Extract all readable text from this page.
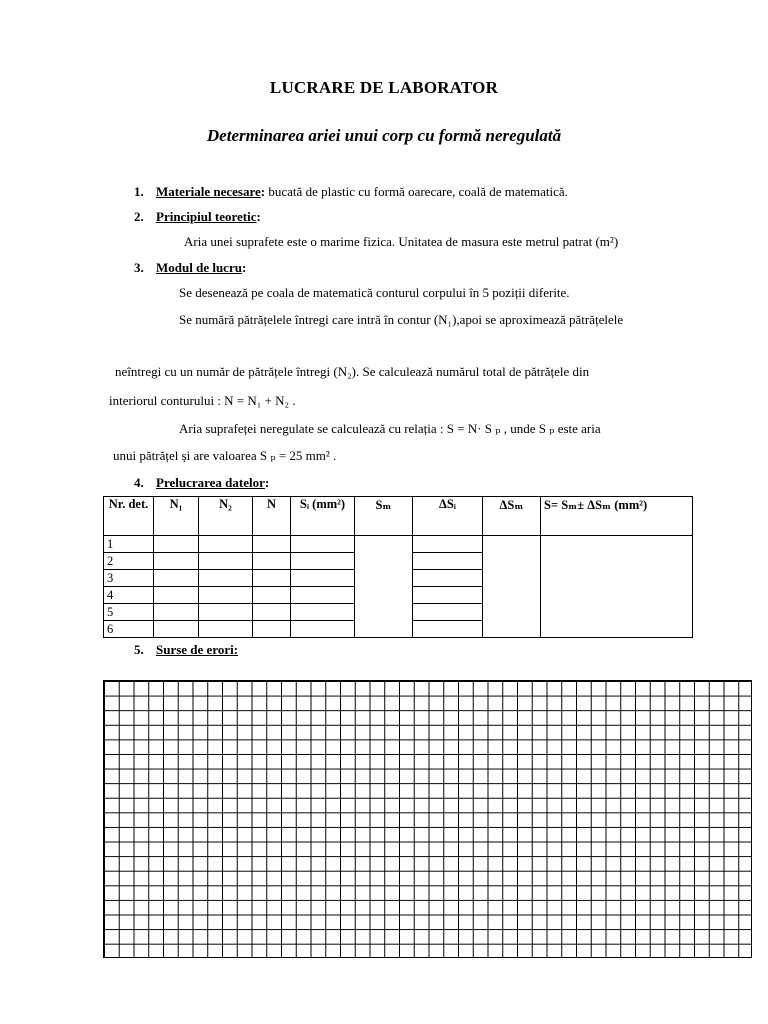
LUCRARE DE LABORATOR
Determinarea ariei unui corp cu formă neregulată
1. Materiale necesare: bucată de plastic cu formă oarecare, coală de matematică.
2. Principiul teoretic:
Aria unei suprafete este o marime fizica. Unitatea de masura este metrul patrat (m²)
3. Modul de lucru:
Se desenează pe coala de matematică conturul corpului în 5 poziții diferite.
Se numără pătrățelele întregi care intră în contur (N₁),apoi se aproximează pătrățelele
neîntregi cu un număr de pătrățele întregi (N₂). Se calculează numărul total de pătrățele din
interiorul conturului : N = N₁ + N₂ .
Aria suprafeței neregulate se calculează cu relația : S = N· S ₚ , unde S ₚ este aria
unui pătrățel și are valoarea S ₚ = 25 mm² .
4. Prelucrarea datelor:
Nr. det.	N₁	N₂	N	Sᵢ (mm²)	Sₘ	ΔSᵢ	ΔSₘ	S= Sₘ± ΔSₘ (mm²)
1								
2								
3								
4								
5								
6								
5. Surse de erori:
